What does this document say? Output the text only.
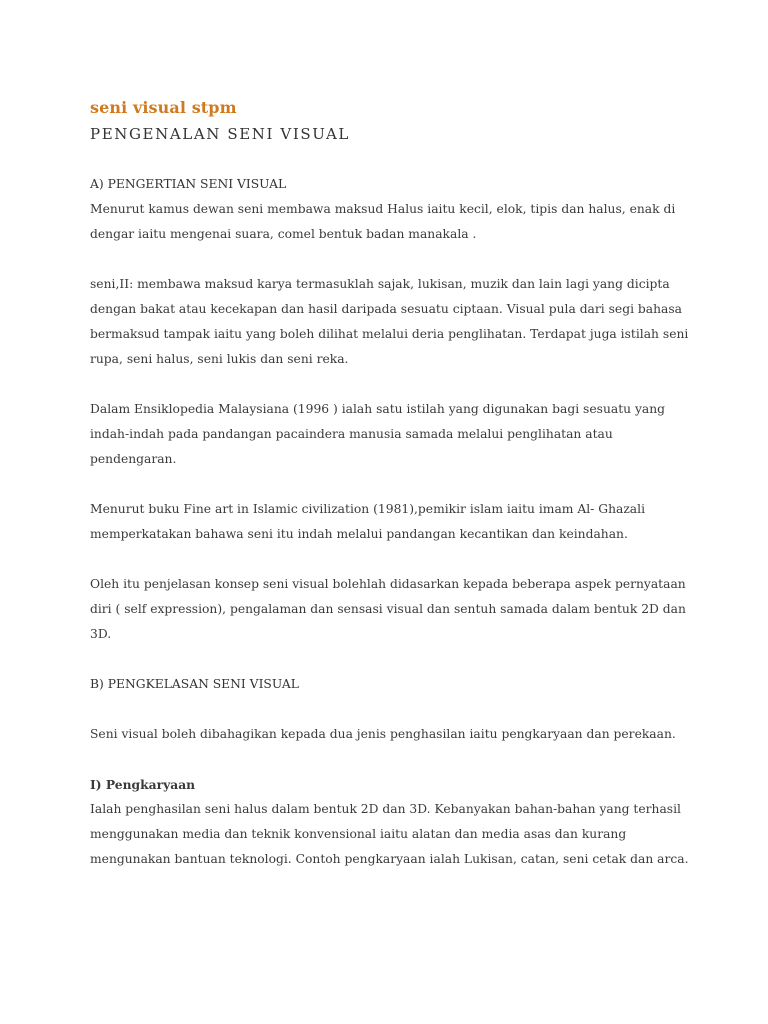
seni visual stpm
PENGENALAN SENI VISUAL

A) PENGERTIAN SENI VISUAL

Menurut kamus dewan seni membawa maksud Halus iaitu kecil, elok, tipis dan halus, enak di dengar iaitu mengenai suara, comel bentuk badan manakala .

seni,II: membawa maksud karya termasuklah sajak, lukisan, muzik dan lain lagi yang dicipta dengan bakat atau kecekapan dan hasil daripada sesuatu ciptaan. Visual pula dari segi bahasa bermaksud tampak iaitu yang boleh dilihat melalui deria penglihatan. Terdapat juga istilah seni rupa, seni halus, seni lukis dan seni reka.

Dalam Ensiklopedia Malaysiana (1996 ) ialah satu istilah yang digunakan bagi sesuatu yang indah-indah pada pandangan pacaindera manusia samada melalui penglihatan atau pendengaran.

Menurut buku Fine art in Islamic civilization (1981),pemikir islam iaitu imam Al- Ghazali memperkatakan bahawa seni itu indah melalui pandangan kecantikan dan keindahan.

Oleh itu penjelasan konsep seni visual bolehlah didasarkan kepada beberapa aspek pernyataan diri ( self expression), pengalaman dan sensasi visual dan sentuh samada dalam bentuk 2D dan 3D.

B) PENGKELASAN SENI VISUAL

Seni visual boleh dibahagikan kepada dua jenis penghasilan iaitu pengkaryaan dan perekaan.

I) Pengkaryaan

Ialah penghasilan seni halus dalam bentuk 2D dan 3D. Kebanyakan bahan-bahan yang terhasil menggunakan media dan teknik konvensional iaitu alatan dan media asas dan kurang mengunakan bantuan teknologi. Contoh pengkaryaan ialah Lukisan, catan, seni cetak dan arca.
